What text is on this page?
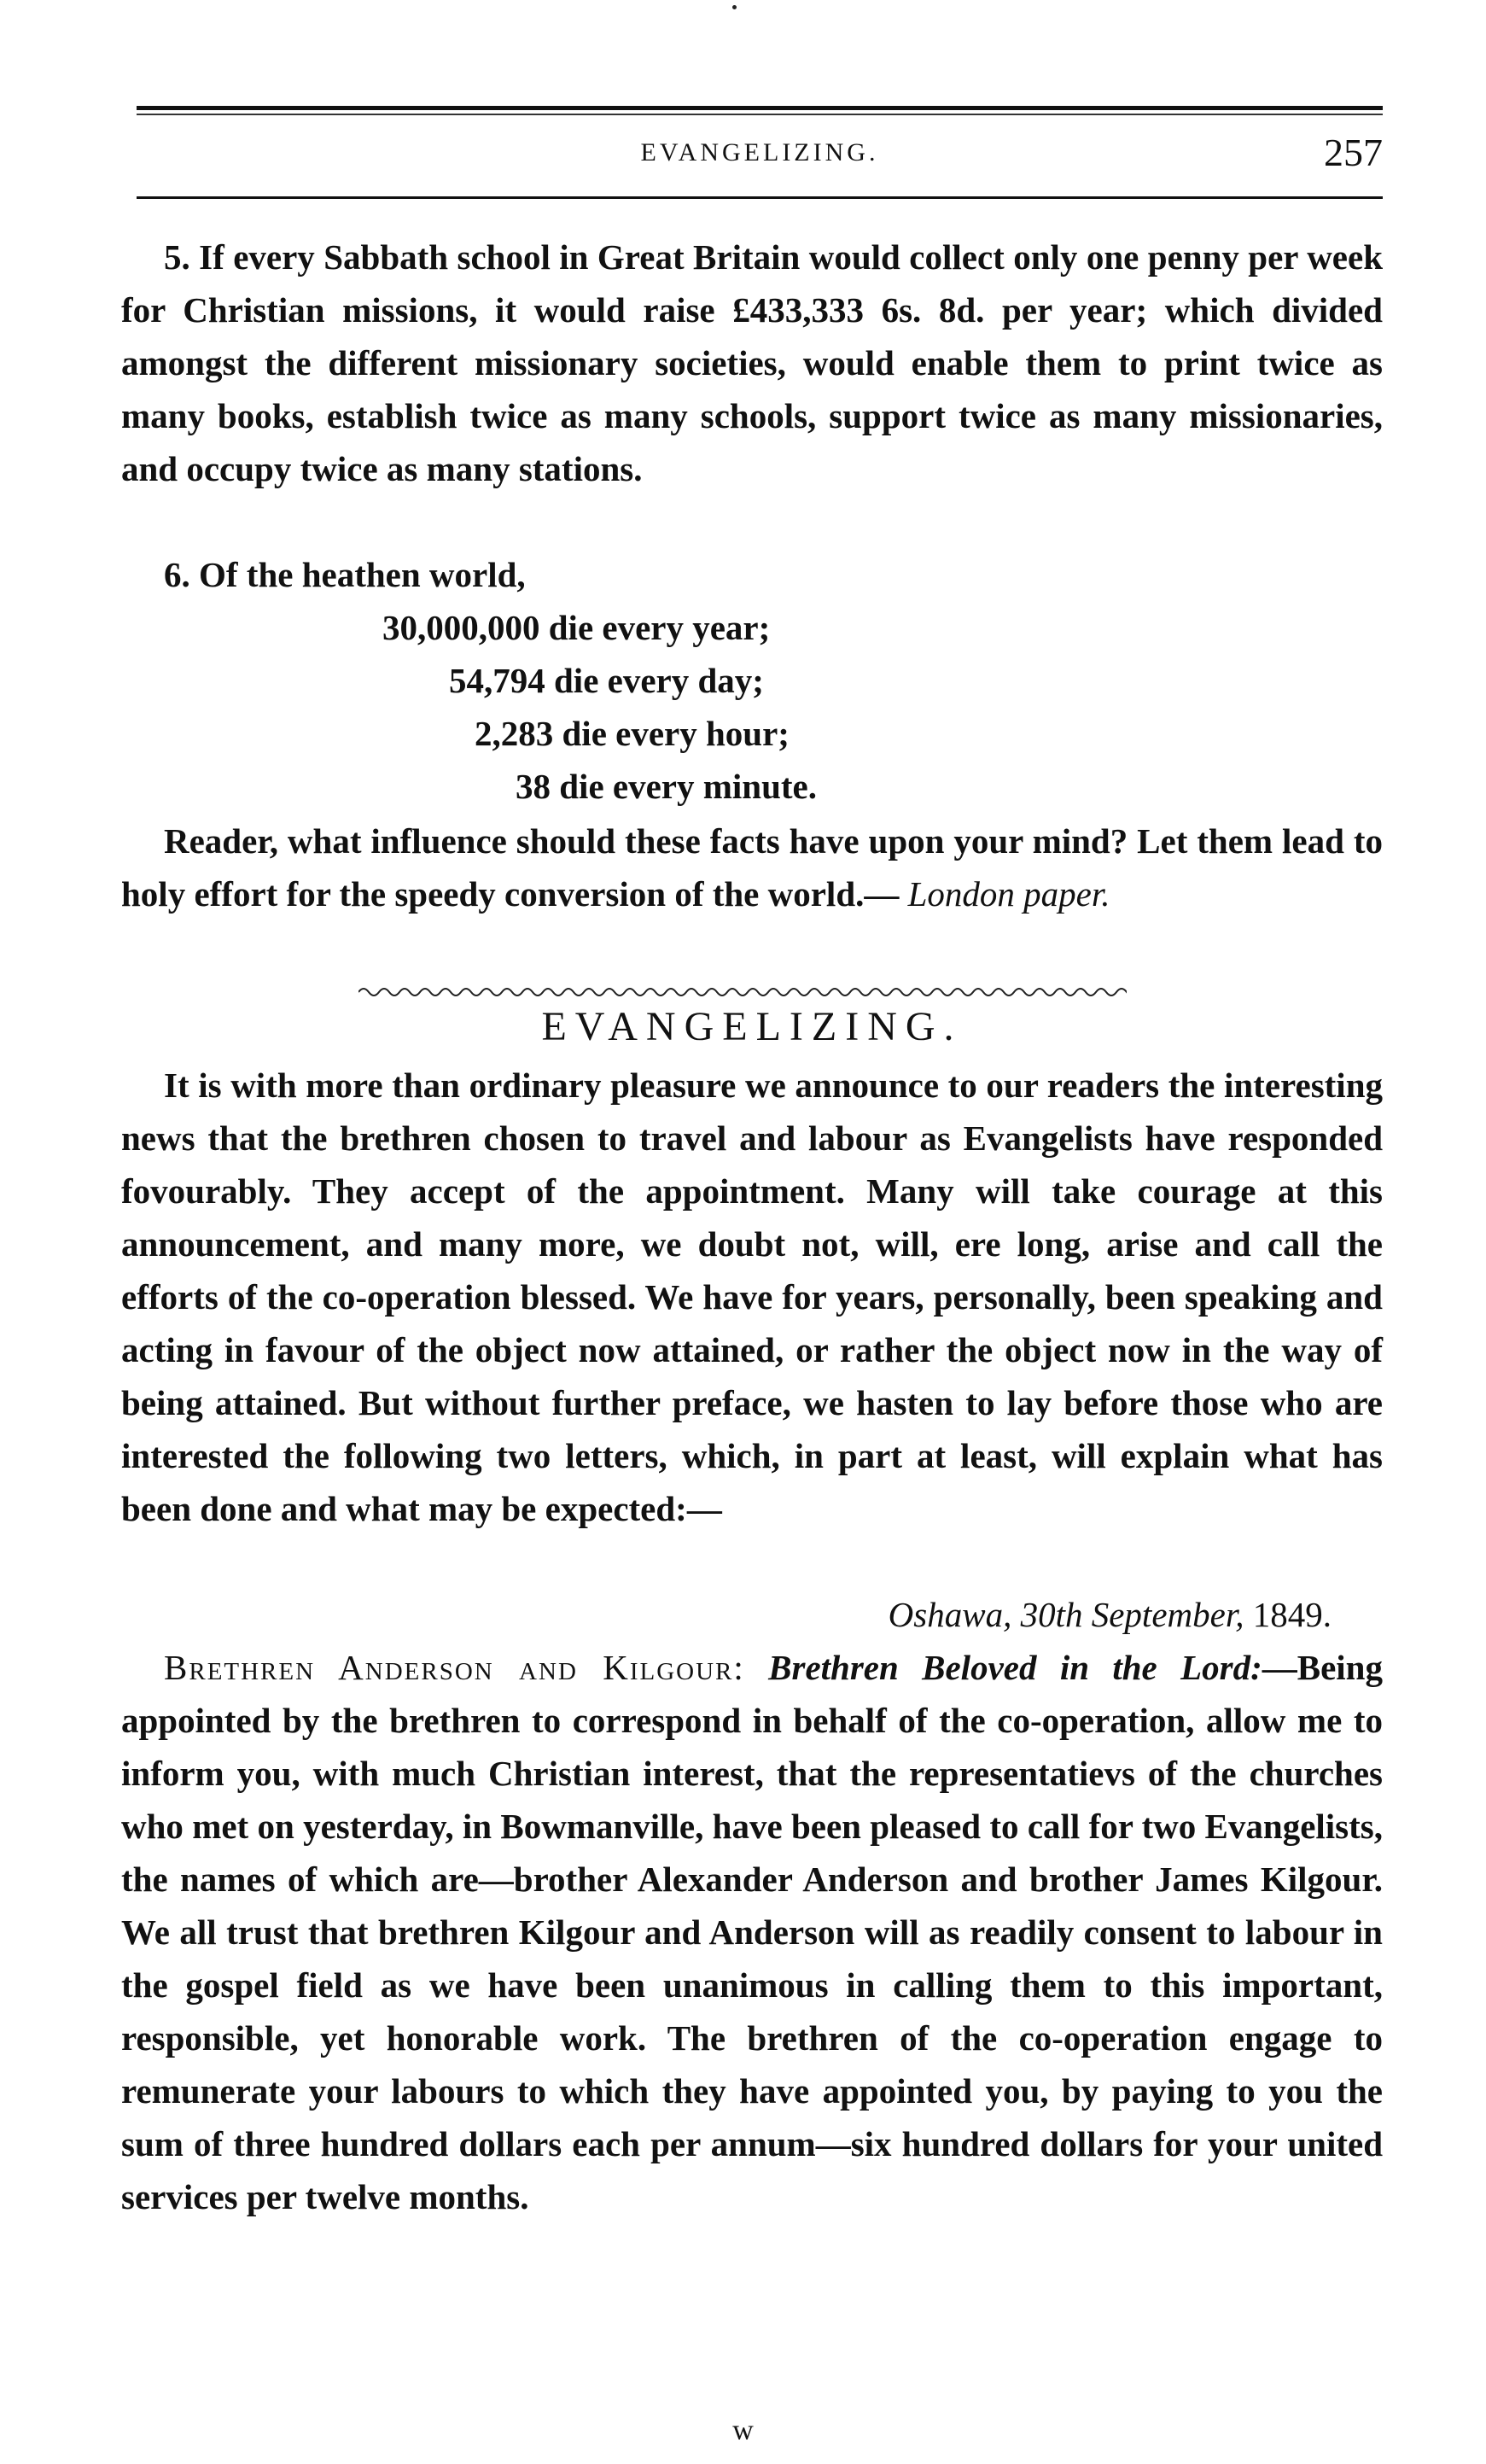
EVANGELIZING.	257

5. If every Sabbath school in Great Britain would collect only one penny per week for Christian missions, it would raise £433,333 6s. 8d. per year; which divided amongst the different missionary societies, would enable them to print twice as many books, establish twice as many schools, support twice as many missionaries, and occupy twice as many stations.

6. Of the heathen world,

30,000,000 die every year;
54,794 die every day;
2,283 die every hour;
38 die every minute.

Reader, what influence should these facts have upon your mind? Let them lead to holy effort for the speedy conversion of the world.— London paper.

EVANGELIZING.

It is with more than ordinary pleasure we announce to our readers the interesting news that the brethren chosen to travel and labour as Evangelists have responded fovourably. They accept of the appointment. Many will take courage at this announcement, and many more, we doubt not, will, ere long, arise and call the efforts of the co-operation blessed. We have for years, personally, been speaking and acting in favour of the object now attained, or rather the object now in the way of being attained. But without further preface, we hasten to lay before those who are interested the following two letters, which, in part at least, will explain what has been done and what may be expected:—

Oshawa, 30th September, 1849.

Brethren Anderson and Kilgour: Brethren Beloved in the Lord:—Being appointed by the brethren to correspond in behalf of the co-operation, allow me to inform you, with much Christian interest, that the representatievs of the churches who met on yesterday, in Bowmanville, have been pleased to call for two Evangelists, the names of which are—brother Alexander Anderson and brother James Kilgour. We all trust that brethren Kilgour and Anderson will as readily consent to labour in the gospel field as we have been unanimous in calling them to this important, responsible, yet honorable work. The brethren of the co-operation engage to remunerate your labours to which they have appointed you, by paying to you the sum of three hundred dollars each per annum—six hundred dollars for your united services per twelve months.

w
